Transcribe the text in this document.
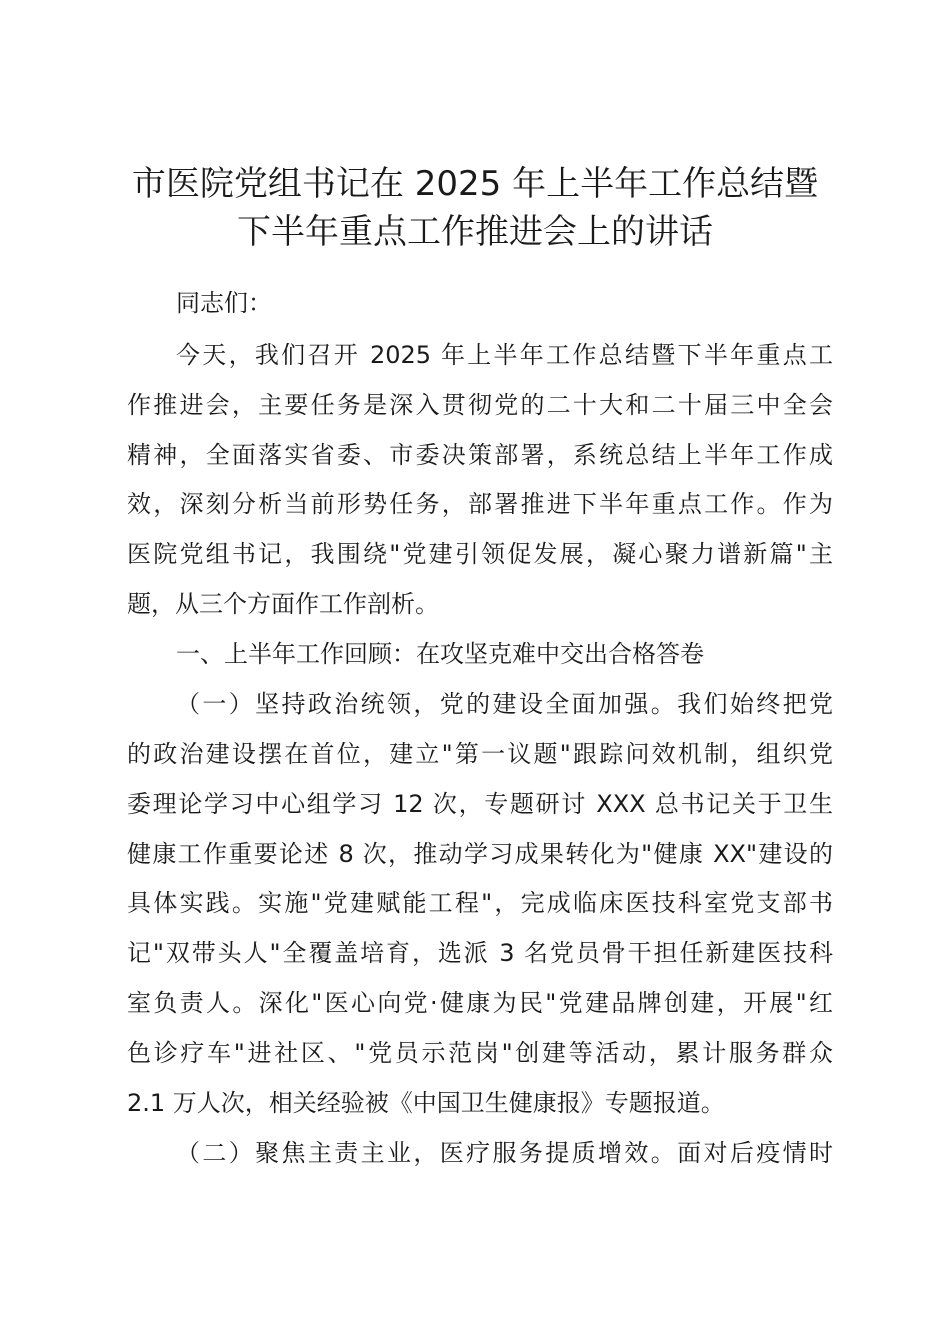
市医院党组书记在 2025 年上半年工作总结暨
下半年重点工作推进会上的讲话
同志们：
今天，我们召开 2025 年上半年工作总结暨下半年重点工
作推进会，主要任务是深入贯彻党的二十大和二十届三中全会
精神，全面落实省委、市委决策部署，系统总结上半年工作成
效，深刻分析当前形势任务，部署推进下半年重点工作。作为
医院党组书记，我围绕"党建引领促发展，凝心聚力谱新篇"主
题，从三个方面作工作剖析。
一、上半年工作回顾：在攻坚克难中交出合格答卷
（一）坚持政治统领，党的建设全面加强。我们始终把党
的政治建设摆在首位，建立"第一议题"跟踪问效机制，组织党
委理论学习中心组学习 12 次，专题研讨 XXX 总书记关于卫生
健康工作重要论述 8 次，推动学习成果转化为"健康 XX"建设的
具体实践。实施"党建赋能工程"，完成临床医技科室党支部书
记"双带头人"全覆盖培育，选派 3 名党员骨干担任新建医技科
室负责人。深化"医心向党·健康为民"党建品牌创建，开展"红
色诊疗车"进社区、"党员示范岗"创建等活动，累计服务群众
2.1 万人次，相关经验被《中国卫生健康报》专题报道。
（二）聚焦主责主业，医疗服务提质增效。面对后疫情时
